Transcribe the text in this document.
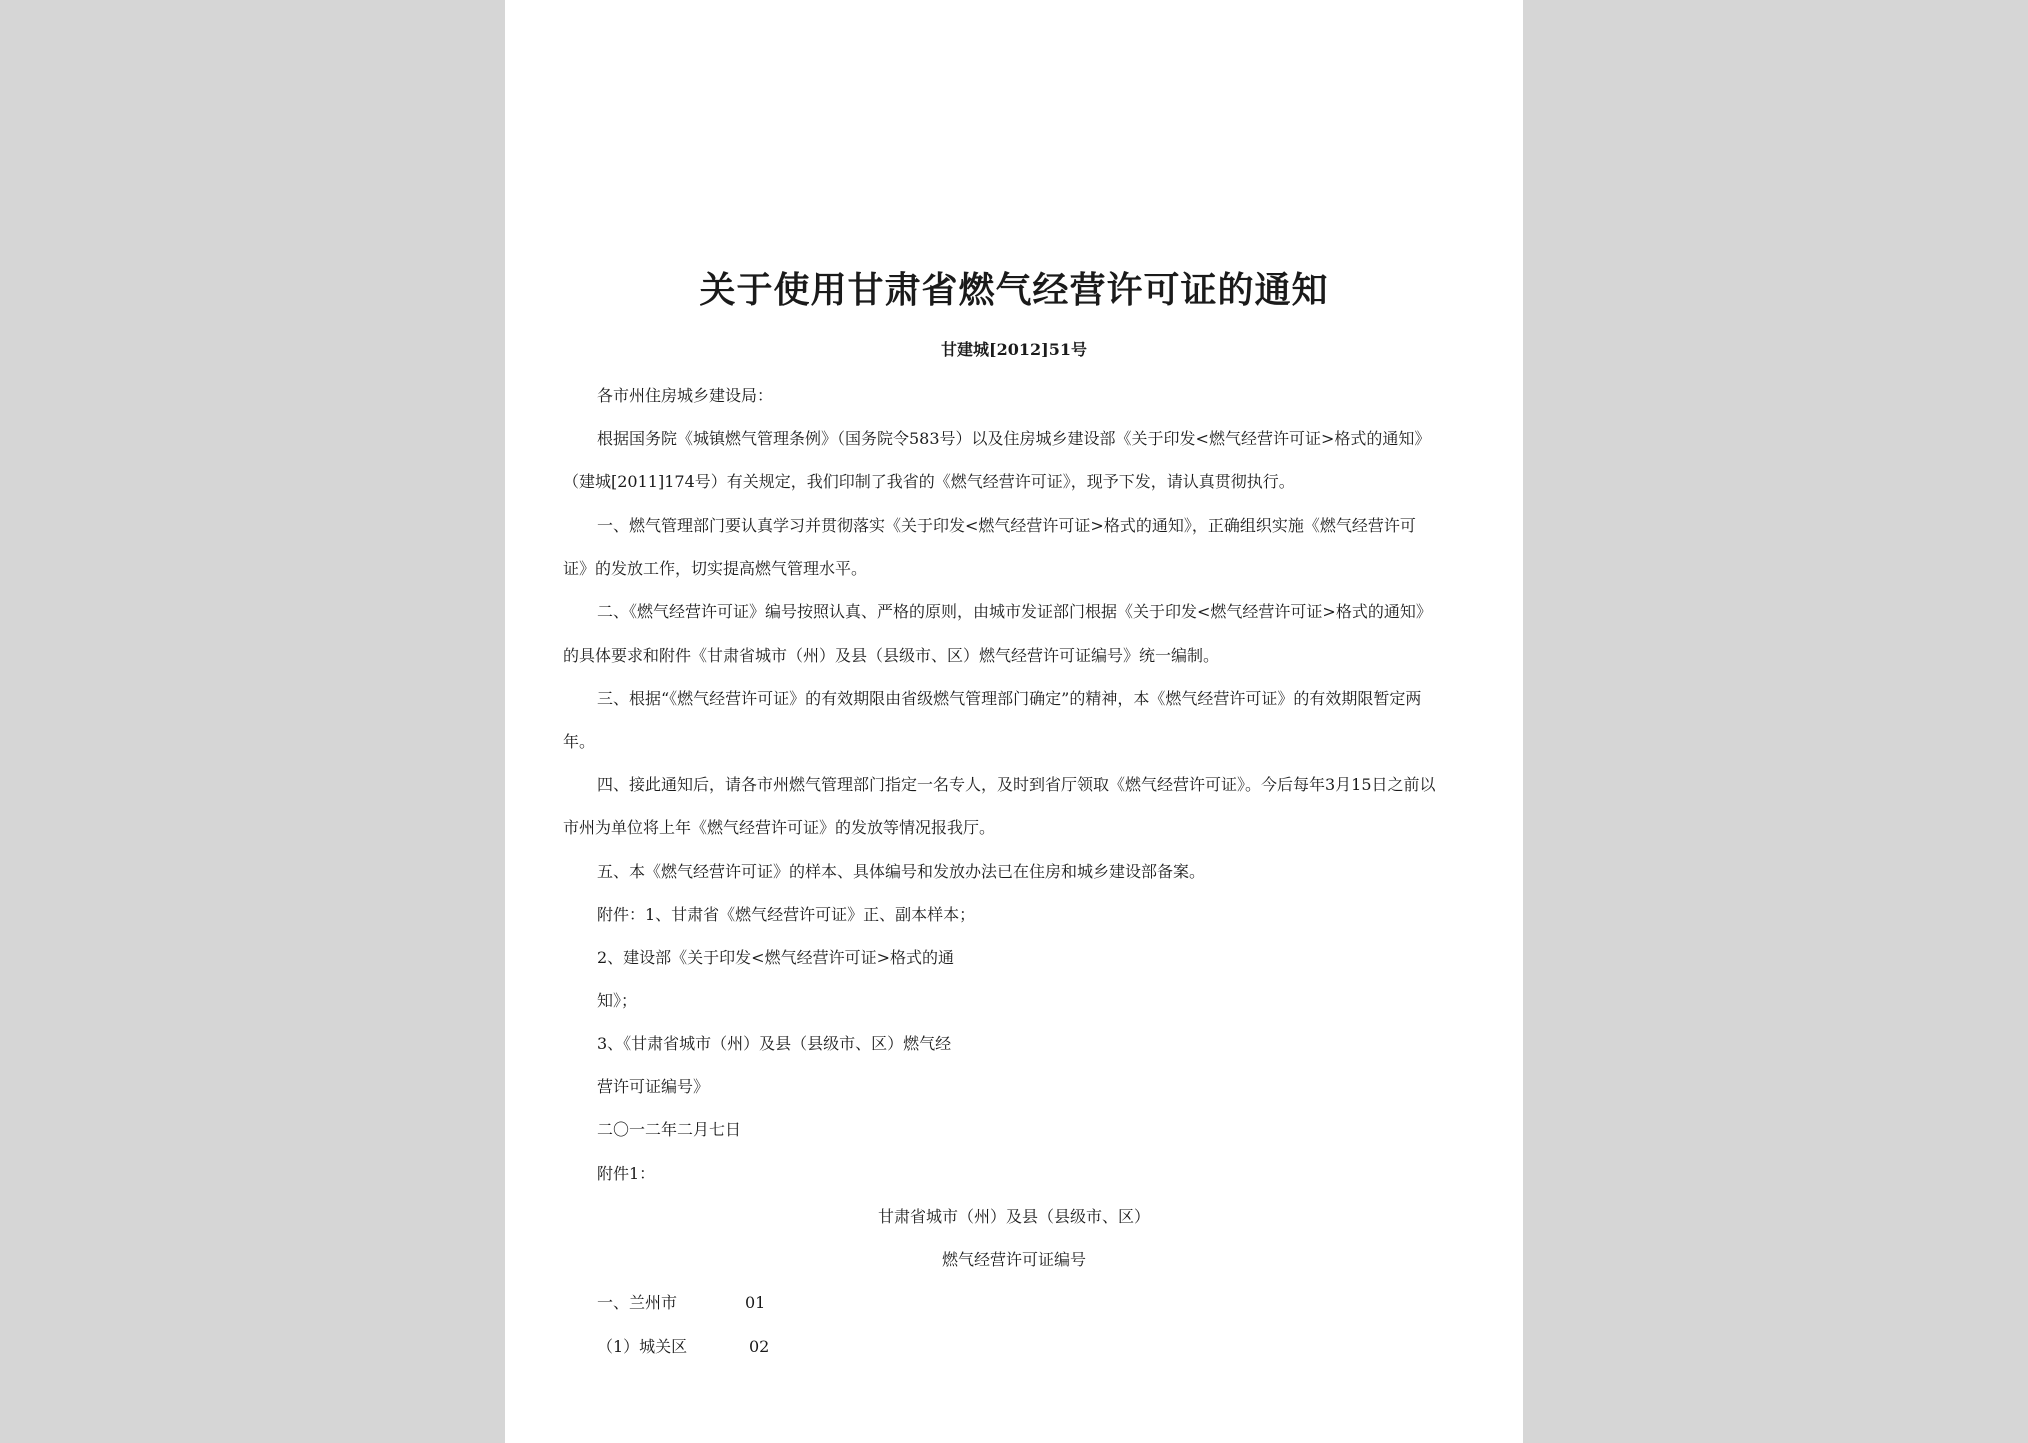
关于使用甘肃省燃气经营许可证的通知
甘建城[2012]51号
各市州住房城乡建设局：
根据国务院《城镇燃气管理条例》（国务院令583号）以及住房城乡建设部《关于印发<燃气经营许可证>格式的通知》
（建城[2011]174号）有关规定，我们印制了我省的《燃气经营许可证》，现予下发，请认真贯彻执行。
一、燃气管理部门要认真学习并贯彻落实《关于印发<燃气经营许可证>格式的通知》，正确组织实施《燃气经营许可
证》的发放工作，切实提高燃气管理水平。
二、《燃气经营许可证》编号按照认真、严格的原则，由城市发证部门根据《关于印发<燃气经营许可证>格式的通知》
的具体要求和附件《甘肃省城市（州）及县（县级市、区）燃气经营许可证编号》统一编制。
三、根据“《燃气经营许可证》的有效期限由省级燃气管理部门确定”的精神，本《燃气经营许可证》的有效期限暂定两
年。
四、接此通知后，请各市州燃气管理部门指定一名专人，及时到省厅领取《燃气经营许可证》。今后每年3月15日之前以
市州为单位将上年《燃气经营许可证》的发放等情况报我厅。
五、本《燃气经营许可证》的样本、具体编号和发放办法已在住房和城乡建设部备案。
附件：1、甘肃省《燃气经营许可证》正、副本样本；
2、建设部《关于印发<燃气经营许可证>格式的通
知》；
3、《甘肃省城市（州）及县（县级市、区）燃气经
营许可证编号》
二〇一二年二月七日
附件1：
甘肃省城市（州）及县（县级市、区）
燃气经营许可证编号
一、兰州市	01
（1）城关区	02
